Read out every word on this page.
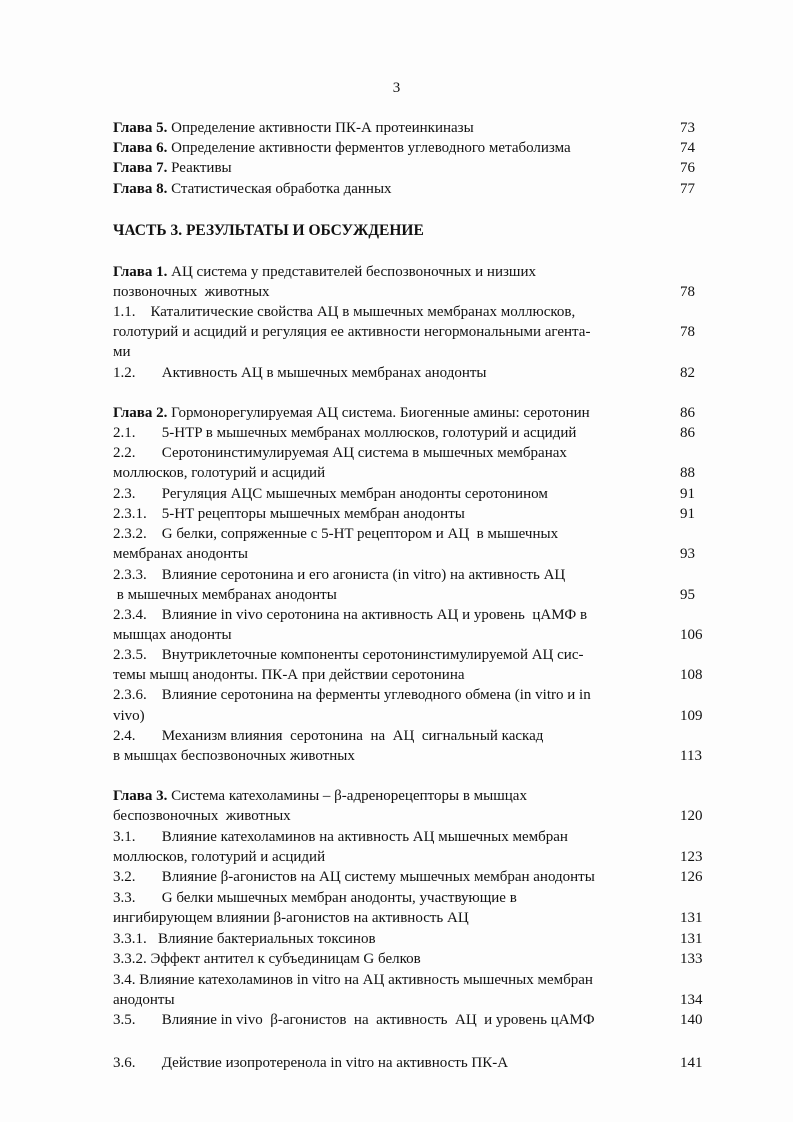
3
ЧАСТЬ 3. РЕЗУЛЬТАТЫ И ОБСУЖДЕНИЕ
Глава 5. Определение активности ПК-А протеинкиназы	73
Глава 6. Определение активности ферментов углеводного метаболизма	74
Глава 7. Реактивы	76
Глава 8. Статистическая обработка данных	77
Глава 1. АЦ система у представителей беспозвоночных и низших
позвоночных  животных	78
1.1.    Каталитические свойства АЦ в мышечных мембранах моллюсков,
голотурий и асцидий и регуляция ее активности негормональными агента-	78
ми
1.2.       Активность АЦ в мышечных мембранах анодонты	82
Глава 2. Гормонорегулируемая АЦ система. Биогенные амины: серотонин	86
2.1.       5-HTP в мышечных мембранах моллюсков, голотурий и асцидий	86
2.2.       Серотонинстимулируемая АЦ система в мышечных мембранах
моллюсков, голотурий и асцидий	88
2.3.       Регуляция АЦС мышечных мембран анодонты серотонином	91
2.3.1.    5-HT рецепторы мышечных мембран анодонты	91
2.3.2.    G белки, сопряженные с 5-HT рецептором и АЦ  в мышечных
мембранах анодонты	93
2.3.3.    Влияние серотонина и его агониста (in vitro) на активность АЦ
в мышечных мембранах анодонты	95
2.3.4.    Влияние in vivo серотонина на активность АЦ и уровень  цАМФ в
мышцах анодонты	106
2.3.5.    Внутриклеточные компоненты серотонинстимулируемой АЦ сис-
темы мышц анодонты. ПК-А при действии серотонина	108
2.3.6.    Влияние серотонина на ферменты углеводного обмена (in vitro и in
vivo)	109
2.4.       Механизм влияния  серотонина  на  АЦ  сигнальный каскад
в мышцах беспозвоночных животных	113
Глава 3. Система катехоламины – β-адренорецепторы в мышцах
беспозвоночных  животных	120
3.1.       Влияние катехоламинов на активность АЦ мышечных мембран
моллюсков, голотурий и асцидий	123
3.2.       Влияние β-агонистов на АЦ систему мышечных мембран анодонты	126
3.3.       G белки мышечных мембран анодонты, участвующие в
ингибирующем влиянии β-агонистов на активность АЦ	131
3.3.1.   Влияние бактериальных токсинов	131
3.3.2. Эффект антител к субъединицам G белков	133
3.4. Влияние катехоламинов in vitro на АЦ активность мышечных мембран
анодонты	134
3.5.       Влияние in vivo  β-агонистов  на  активность  АЦ  и уровень цАМФ	140
3.6.       Действие изопротеренола in vitro на активность ПК-А	141
